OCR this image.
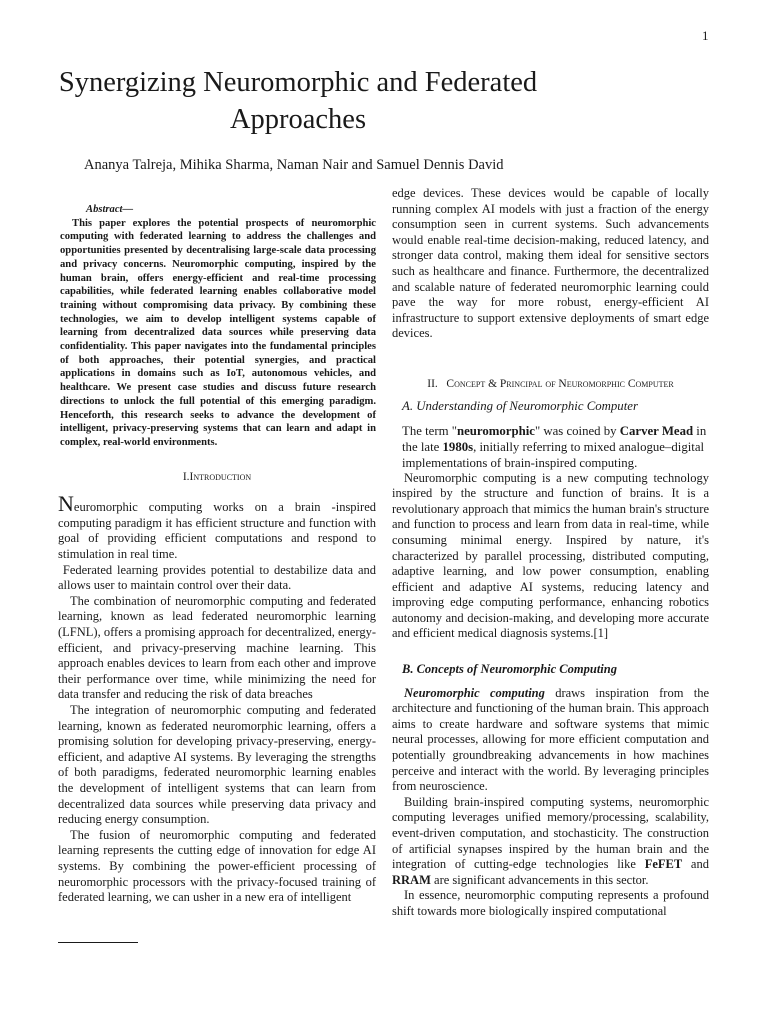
1
Synergizing Neuromorphic and Federated
Approaches
Ananya Talreja, Mihika Sharma, Naman Nair and Samuel Dennis David
Abstract—

This paper explores the potential prospects of neuromorphic computing with federated learning to address the challenges and opportunities presented by decentralising large-scale data processing and privacy concerns. Neuromorphic computing, inspired by the human brain, offers energy-efficient and real-time processing capabilities, while federated learning enables collaborative model training without compromising data privacy. By combining these technologies, we aim to develop intelligent systems capable of learning from decentralized data sources while preserving data confidentiality. This paper navigates into the fundamental principles of both approaches, their potential synergies, and practical applications in domains such as IoT, autonomous vehicles, and healthcare. We present case studies and discuss future research directions to unlock the full potential of this emerging paradigm. Henceforth, this research seeks to advance the development of intelligent, privacy-preserving systems that can learn and adapt in complex, real-world environments.

I.Introduction

Neuromorphic computing works on a brain -inspired computing paradigm it has efficient structure and function with goal of providing efficient computations and respond to stimulation in real time.

Federated learning provides potential to destabilize data and allows user to maintain control over their data.

The combination of neuromorphic computing and federated learning, known as lead federated neuromorphic learning (LFNL), offers a promising approach for decentralized, energy-efficient, and privacy-preserving machine learning. This approach enables devices to learn from each other and improve their performance over time, while minimizing the need for data transfer and reducing the risk of data breaches

The integration of neuromorphic computing and federated learning, known as federated neuromorphic learning, offers a promising solution for developing privacy-preserving, energy-efficient, and adaptive AI systems. By leveraging the strengths of both paradigms, federated neuromorphic learning enables the development of intelligent systems that can learn from decentralized data sources while preserving data privacy and reducing energy consumption.

The fusion of neuromorphic computing and federated learning represents the cutting edge of innovation for edge AI systems. By combining the power-efficient processing of neuromorphic processors with the privacy-focused training of federated learning, we can usher in a new era of intelligent

edge devices. These devices would be capable of locally running complex AI models with just a fraction of the energy consumption seen in current systems. Such advancements would enable real-time decision-making, reduced latency, and stronger data control, making them ideal for sensitive sectors such as healthcare and finance. Furthermore, the decentralized and scalable nature of federated neuromorphic learning could pave the way for more robust, energy-efficient AI infrastructure to support extensive deployments of smart edge devices.

II. Concept & Principal of Neuromorphic Computer
A. Understanding of Neuromorphic Computer

The term "neuromorphic" was coined by Carver Mead in the late 1980s, initially referring to mixed analogue–digital implementations of brain-inspired computing.

Neuromorphic computing is a new computing technology inspired by the structure and function of brains. It is a revolutionary approach that mimics the human brain's structure and function to process and learn from data in real-time, while consuming minimal energy. Inspired by nature, it's characterized by parallel processing, distributed computing, adaptive learning, and low power consumption, enabling efficient and adaptive AI systems, reducing latency and improving edge computing performance, enhancing robotics autonomy and decision-making, and developing more accurate and efficient medical diagnosis systems.[1]

B. Concepts of Neuromorphic Computing

Neuromorphic computing draws inspiration from the architecture and functioning of the human brain. This approach aims to create hardware and software systems that mimic neural processes, allowing for more efficient computation and potentially groundbreaking advancements in how machines perceive and interact with the world. By leveraging principles from neuroscience.

Building brain-inspired computing systems, neuromorphic computing leverages unified memory/processing, scalability, event-driven computation, and stochasticity. The construction of artificial synapses inspired by the human brain and the integration of cutting-edge technologies like FeFET and RRAM are significant advancements in this sector.

In essence, neuromorphic computing represents a profound shift towards more biologically inspired computational
